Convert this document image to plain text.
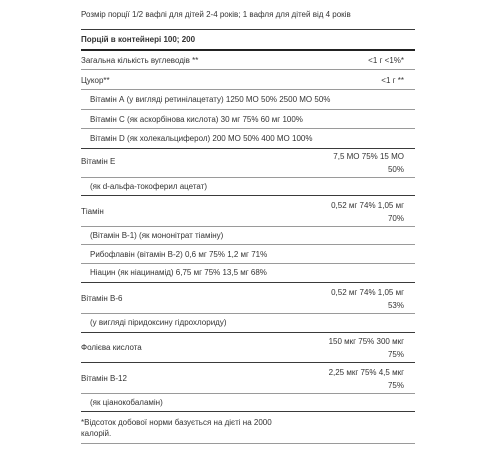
Розмір порції 1/2 вафлі для дітей 2-4 років; 1 вафля для дітей від 4 років
Порцій в контейнері 100; 200
Загальна кількість вуглеводів **	<1 г <1%*
Цукор**	<1 г **
Вітамін А (у вигляді ретинілацетату) 1250 МО 50% 2500 МО 50%
Вітамін C (як аскорбінова кислота) 30 мг 75% 60 мг 100%
Вітамін D (як холекальциферол) 200 МО 50% 400 МО 100%
Вітамін Е
7,5 МО 75% 15 МО
50%
(як d-альфа-токоферил ацетат)
Тіамін
0,52 мг 74% 1,05 мг
70%
(Вітамін B-1) (як мононітрат тіаміну)
Рибофлавін (вітамін B-2) 0,6 мг 75% 1,2 мг 71%
Ніацин (як ніацинамід) 6,75 мг 75% 13,5 мг 68%
Вітамін B-6
0,52 мг 74% 1,05 мг
53%
(у вигляді піридоксину гідрохлориду)
Фолієва кислота
150 мкг 75% 300 мкг
75%
Вітамін B-12
2,25 мкг 75% 4,5 мкг
75%
(як ціанокобаламін)
*Відсоток добової норми базується на дієті на 2000
калорій.
